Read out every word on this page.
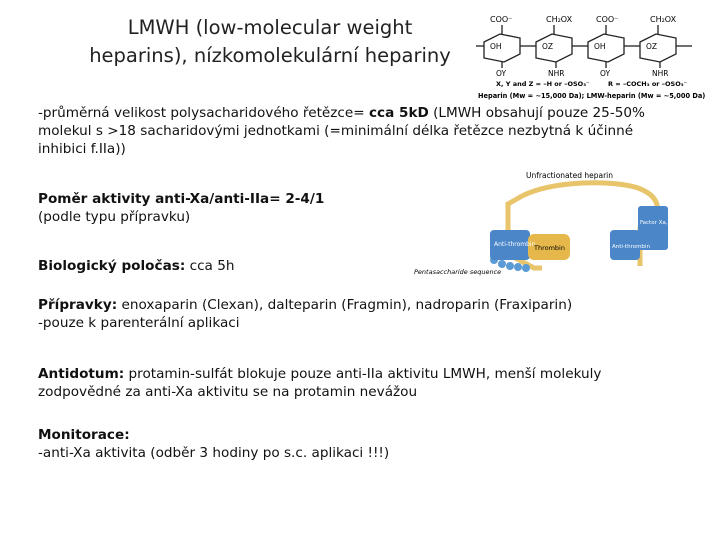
LMWH (low-molecular weight
heparins), nízkomolekulární hepariny
COO⁻	CH₂OX	COO⁻	CH₂OX
OH	OZ	OH	OZ
OY	NHR	OY	NHR
X, Y and Z = –H or –OSO₃⁻	R = –COCH₃ or –OSO₃⁻
Heparin (Mw = ~15,000 Da); LMW-heparin (Mw = ~5,000 Da)
Unfractionated heparin
Anti-thrombin
Thrombin
Pentasaccharide sequence
Factor Xa, IXa, and XIa
Anti-thrombin
-průměrná velikost polysacharidového řetězce= cca 5kD (LMWH obsahují pouze 25-50% molekul s >18 sacharidovými jednotkami (=minimální délka řetězce nezbytná k účinné inhibici f.IIa))
Poměr aktivity anti-Xa/anti-IIa= 2-4/1
(podle typu přípravku)
Biologický poločas: cca 5h
Přípravky: enoxaparin (Clexan), dalteparin (Fragmin), nadroparin (Fraxiparin)
-pouze k parenterální aplikaci
Antidotum: protamin-sulfát blokuje pouze anti-IIa aktivitu LMWH, menší molekuly zodpovědné za anti-Xa aktivitu se na protamin nevážou
Monitorace:
-anti-Xa aktivita (odběr 3 hodiny po s.c. aplikaci !!!)
